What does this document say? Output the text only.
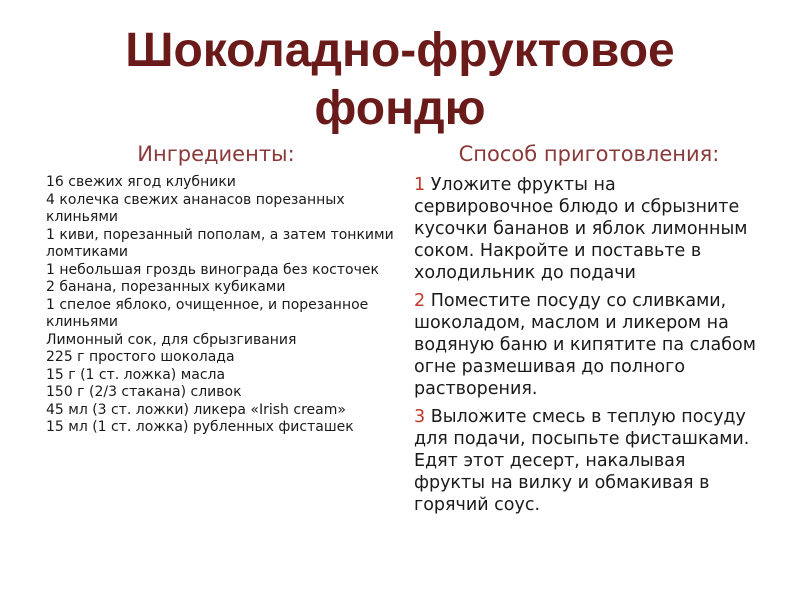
Шоколадно-фруктовое
фондю
Ингредиенты:
16 свежих ягод клубники
4 колечка свежих ананасов порезанных клиньями
1 киви, порезанный пополам, а затем тонкими ломтиками
1 небольшая гроздь винограда без косточек
2 банана, порезанных кубиками
1 спелое яблоко, очищенное, и порезанное клиньями
Лимонный сок, для сбрызгивания
225 г простого шоколада
15 г (1 ст. ложка) масла
150 г (2/3 стакана) сливок
45 мл (3 ст. ложки) ликера «Irish cream»
15 мл (1 ст. ложка) рубленных фисташек
Способ приготовления:

1 Уложите фрукты на сервировочное блюдо и сбрызните кусочки бананов и яблок лимонным соком. Накройте и поставьте в холодильник до подачи

2 Поместите посуду со сливками, шоколадом, маслом и ликером на водяную баню и кипятите па слабом огне размешивая до полного растворения.

3 Выложите смесь в теплую посуду для подачи, посыпьте фисташками. Едят этот десерт, накалывая фрукты на вилку и обмакивая в горячий соус.
